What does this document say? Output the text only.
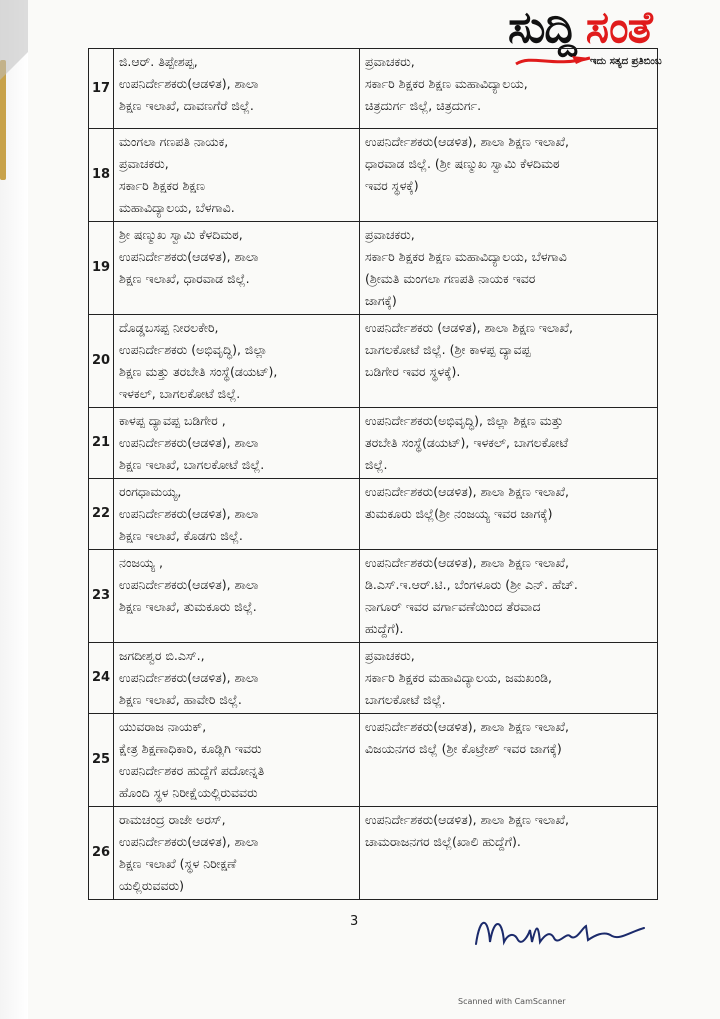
ಸುದ್ದಿ ಸಂತೆ
ಇದು ಸತ್ಯದ ಪ್ರತಿಬಿಂಬ
17	ಜಿ.ಆರ್. ತಿಪ್ಪೇಶಪ್ಪ,
ಉಪನಿರ್ದೇಶಕರು(ಆಡಳಿತ), ಶಾಲಾ
ಶಿಕ್ಷಣ ಇಲಾಖೆ, ದಾವಣಗೆರೆ ಜಿಲ್ಲೆ.	ಪ್ರವಾಚಕರು,
ಸರ್ಕಾರಿ ಶಿಕ್ಷಕರ ಶಿಕ್ಷಣ ಮಹಾವಿದ್ಯಾಲಯ,
ಚಿತ್ರದುರ್ಗ ಜಿಲ್ಲೆ, ಚಿತ್ರದುರ್ಗ.

18	ಮಂಗಲಾ ಗಣಪತಿ ನಾಯಕ,
ಪ್ರವಾಚಕರು,
ಸರ್ಕಾರಿ ಶಿಕ್ಷಕರ ಶಿಕ್ಷಣ
ಮಹಾವಿದ್ಯಾಲಯ, ಬೆಳಗಾವಿ.	ಉಪನಿರ್ದೇಶಕರು(ಆಡಳಿತ), ಶಾಲಾ ಶಿಕ್ಷಣ ಇಲಾಖೆ,
ಧಾರವಾಡ ಜಿಲ್ಲೆ. (ಶ್ರೀ ಷಣ್ಮುಖ ಸ್ವಾಮಿ ಕೆಳದಿಮಠ
ಇವರ ಸ್ಥಳಕ್ಕೆ)

19	ಶ್ರೀ ಷಣ್ಮುಖ ಸ್ವಾಮಿ ಕೆಳದಿಮಠ,
ಉಪನಿರ್ದೇಶಕರು(ಆಡಳಿತ), ಶಾಲಾ
ಶಿಕ್ಷಣ ಇಲಾಖೆ, ಧಾರವಾಡ ಜಿಲ್ಲೆ.	ಪ್ರವಾಚಕರು,
ಸರ್ಕಾರಿ ಶಿಕ್ಷಕರ ಶಿಕ್ಷಣ ಮಹಾವಿದ್ಯಾಲಯ, ಬೆಳಗಾವಿ
(ಶ್ರೀಮತಿ ಮಂಗಲಾ ಗಣಪತಿ ನಾಯಕ ಇವರ
ಜಾಗಕ್ಕೆ)

20	ದೊಡ್ಡಬಸಪ್ಪ ನೀರಲಕೇರಿ,
ಉಪನಿರ್ದೇಶಕರು (ಅಭಿವೃದ್ಧಿ), ಜಿಲ್ಲಾ
ಶಿಕ್ಷಣ ಮತ್ತು ತರಬೇತಿ ಸಂಸ್ಥೆ(ಡಯಟ್),
ಇಳಕಲ್, ಬಾಗಲಕೋಟೆ ಜಿಲ್ಲೆ.	ಉಪನಿರ್ದೇಶಕರು (ಆಡಳಿತ), ಶಾಲಾ ಶಿಕ್ಷಣ ಇಲಾಖೆ,
ಬಾಗಲಕೋಟೆ ಜಿಲ್ಲೆ. (ಶ್ರೀ ಕಾಳಪ್ಪ ದ್ಯಾವಪ್ಪ
ಬಡಿಗೇರ ಇವರ ಸ್ಥಳಕ್ಕೆ).

21	ಕಾಳಪ್ಪ ದ್ಯಾವಪ್ಪ ಬಡಿಗೇರ ,
ಉಪನಿರ್ದೇಶಕರು(ಆಡಳಿತ), ಶಾಲಾ
ಶಿಕ್ಷಣ ಇಲಾಖೆ, ಬಾಗಲಕೋಟೆ ಜಿಲ್ಲೆ.	ಉಪನಿರ್ದೇಶಕರು(ಅಭಿವೃದ್ಧಿ), ಜಿಲ್ಲಾ ಶಿಕ್ಷಣ ಮತ್ತು
ತರಬೇತಿ ಸಂಸ್ಥೆ(ಡಯಟ್), ಇಳಕಲ್, ಬಾಗಲಕೋಟೆ
ಜಿಲ್ಲೆ.

22	ರಂಗಧಾಮಯ್ಯ,
ಉಪನಿರ್ದೇಶಕರು(ಆಡಳಿತ), ಶಾಲಾ
ಶಿಕ್ಷಣ ಇಲಾಖೆ, ಕೊಡಗು ಜಿಲ್ಲೆ.	ಉಪನಿರ್ದೇಶಕರು(ಆಡಳಿತ), ಶಾಲಾ ಶಿಕ್ಷಣ ಇಲಾಖೆ,
ತುಮಕೂರು ಜಿಲ್ಲೆ(ಶ್ರೀ ನಂಜಯ್ಯ ಇವರ ಜಾಗಕ್ಕೆ)

23	ನಂಜಯ್ಯ ,
ಉಪನಿರ್ದೇಶಕರು(ಆಡಳಿತ), ಶಾಲಾ
ಶಿಕ್ಷಣ ಇಲಾಖೆ, ತುಮಕೂರು ಜಿಲ್ಲೆ.	ಉಪನಿರ್ದೇಶಕರು(ಆಡಳಿತ), ಶಾಲಾ ಶಿಕ್ಷಣ ಇಲಾಖೆ,
ಡಿ.ಎಸ್.ಇ.ಆರ್.ಟಿ., ಬೆಂಗಳೂರು (ಶ್ರೀ ಎನ್. ಹೆಚ್.
ನಾಗೂರ್ ಇವರ ವರ್ಗಾವಣೆಯಿಂದ ತೆರವಾದ
ಹುದ್ದೆಗೆ).

24	ಜಗದೀಶ್ವರ ಬಿ.ಎಸ್.,
ಉಪನಿರ್ದೇಶಕರು(ಆಡಳಿತ), ಶಾಲಾ
ಶಿಕ್ಷಣ ಇಲಾಖೆ, ಹಾವೇರಿ ಜಿಲ್ಲೆ.	ಪ್ರವಾಚಕರು,
ಸರ್ಕಾರಿ ಶಿಕ್ಷಕರ ಮಹಾವಿದ್ಯಾಲಯ, ಜಮಖಂಡಿ,
ಬಾಗಲಕೋಟೆ ಜಿಲ್ಲೆ.

25	ಯುವರಾಜ ನಾಯಕ್,
ಕ್ಷೇತ್ರ ಶಿಕ್ಷಣಾಧಿಕಾರಿ, ಕೂಡ್ಲಿಗಿ ಇವರು
ಉಪನಿರ್ದೇಶಕರ ಹುದ್ದೆಗೆ ಪದೋನ್ನತಿ
ಹೊಂದಿ ಸ್ಥಳ ನಿರೀಕ್ಷೆಯಲ್ಲಿರುವವರು	ಉಪನಿರ್ದೇಶಕರು(ಆಡಳಿತ), ಶಾಲಾ ಶಿಕ್ಷಣ ಇಲಾಖೆ,
ವಿಜಯನಗರ ಜಿಲ್ಲೆ (ಶ್ರೀ ಕೊಟ್ರೇಶ್ ಇವರ ಜಾಗಕ್ಕೆ)

26	ರಾಮಚಂದ್ರ ರಾಜೇ ಅರಸ್,
ಉಪನಿರ್ದೇಶಕರು(ಆಡಳಿತ), ಶಾಲಾ
ಶಿಕ್ಷಣ ಇಲಾಖೆ (ಸ್ಥಳ ನಿರೀಕ್ಷಣೆ
ಯಲ್ಲಿರುವವರು)	ಉಪನಿರ್ದೇಶಕರು(ಆಡಳಿತ), ಶಾಲಾ ಶಿಕ್ಷಣ ಇಲಾಖೆ,
ಚಾಮರಾಜನಗರ ಜಿಲ್ಲೆ(ಖಾಲಿ ಹುದ್ದೆಗೆ).
3
Scanned with CamScanner
